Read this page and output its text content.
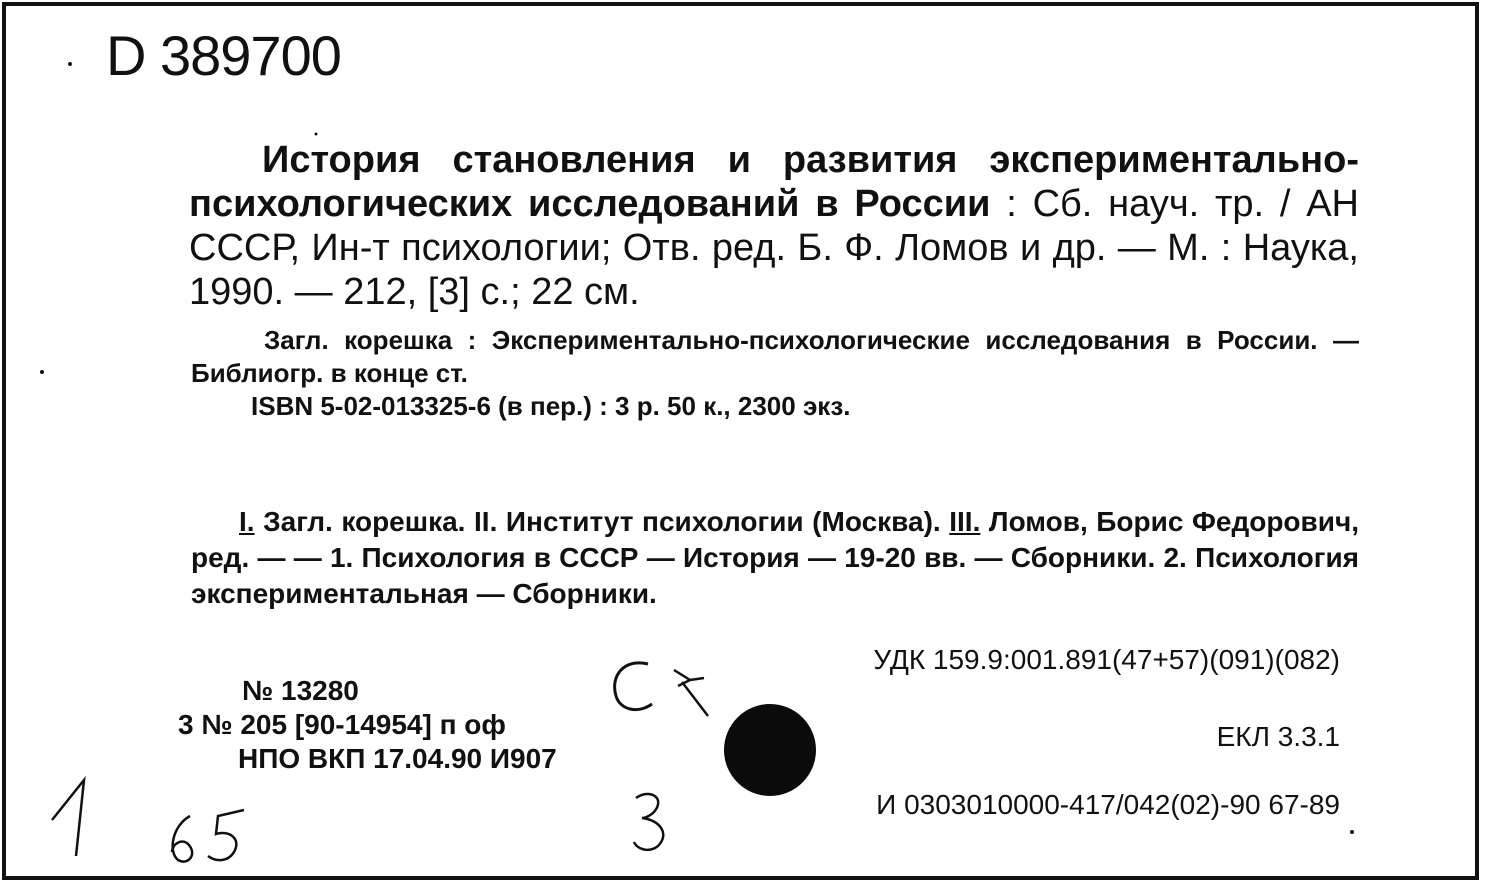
D 389700
История становления и развития экспериментально-психологических исследований в России : Сб. науч. тр. / АН СССР, Ин-т психологии; Отв. ред. Б. Ф. Ломов и др. — М. : Наука, 1990. — 212, [3] с.; 22 см.
Загл. корешка : Экспериментально-психологические исследования в России. — Библиогр. в конце ст.
ISBN 5-02-013325-6 (в пер.) : 3 р. 50 к., 2300 экз.
I. Загл. корешка. II. Институт психологии (Москва). III. Ломов, Борис Федорович, ред. — — 1. Психология в СССР — История — 19-20 вв. — Сборники. 2. Психология экспериментальная — Сборники.
УДК 159.9:001.891(47+57)(091)(082)
ЕКЛ 3.3.1
И 0303010000-417/042(02)-90 67-89
№ 13280
3 № 205 [90-14954] п оф
НПО ВКП 17.04.90 И907
